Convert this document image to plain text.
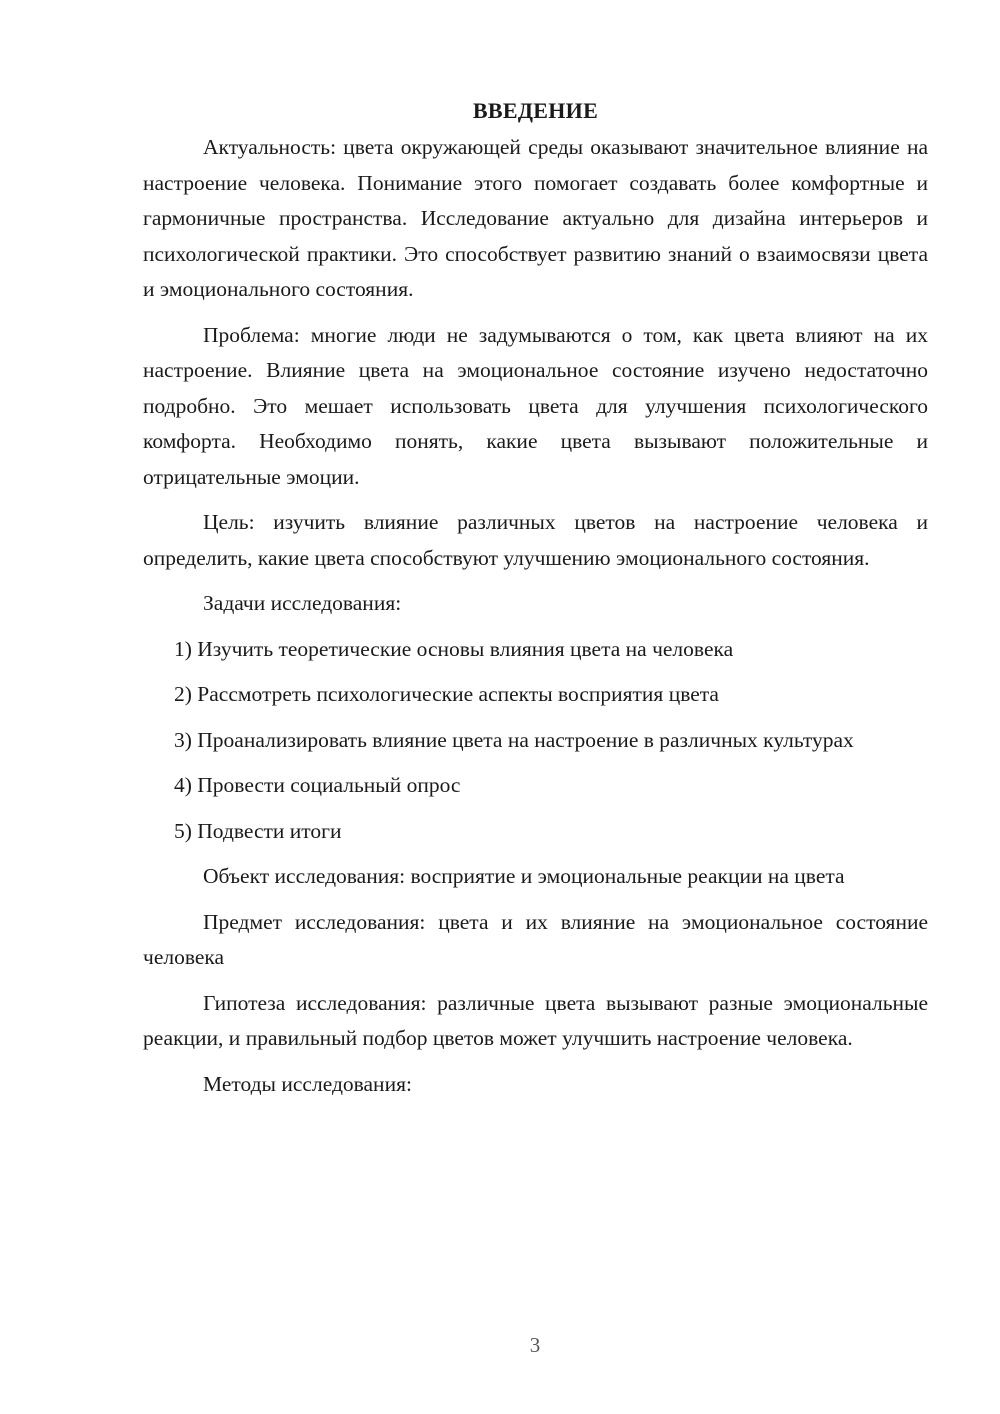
ВВЕДЕНИЕ

Актуальность: цвета окружающей среды оказывают значительное влияние на настроение человека. Понимание этого помогает создавать более комфортные и гармоничные пространства. Исследование актуально для дизайна интерьеров и психологической практики. Это способствует развитию знаний о взаимосвязи цвета и эмоционального состояния.

Проблема: многие люди не задумываются о том, как цвета влияют на их настроение. Влияние цвета на эмоциональное состояние изучено недостаточно подробно. Это мешает использовать цвета для улучшения психологического комфорта. Необходимо понять, какие цвета вызывают положительные и отрицательные эмоции.

Цель: изучить влияние различных цветов на настроение человека и определить, какие цвета способствуют улучшению эмоционального состояния.

Задачи исследования:

1) Изучить теоретические основы влияния цвета на человека

2) Рассмотреть психологические аспекты восприятия цвета

3) Проанализировать влияние цвета на настроение в различных культурах

4) Провести социальный опрос

5) Подвести итоги

Объект исследования: восприятие и эмоциональные реакции на цвета

Предмет исследования: цвета и их влияние на эмоциональное состояние человека

Гипотеза исследования: различные цвета вызывают разные эмоциональные реакции, и правильный подбор цветов может улучшить настроение человека.

Методы исследования:

3
